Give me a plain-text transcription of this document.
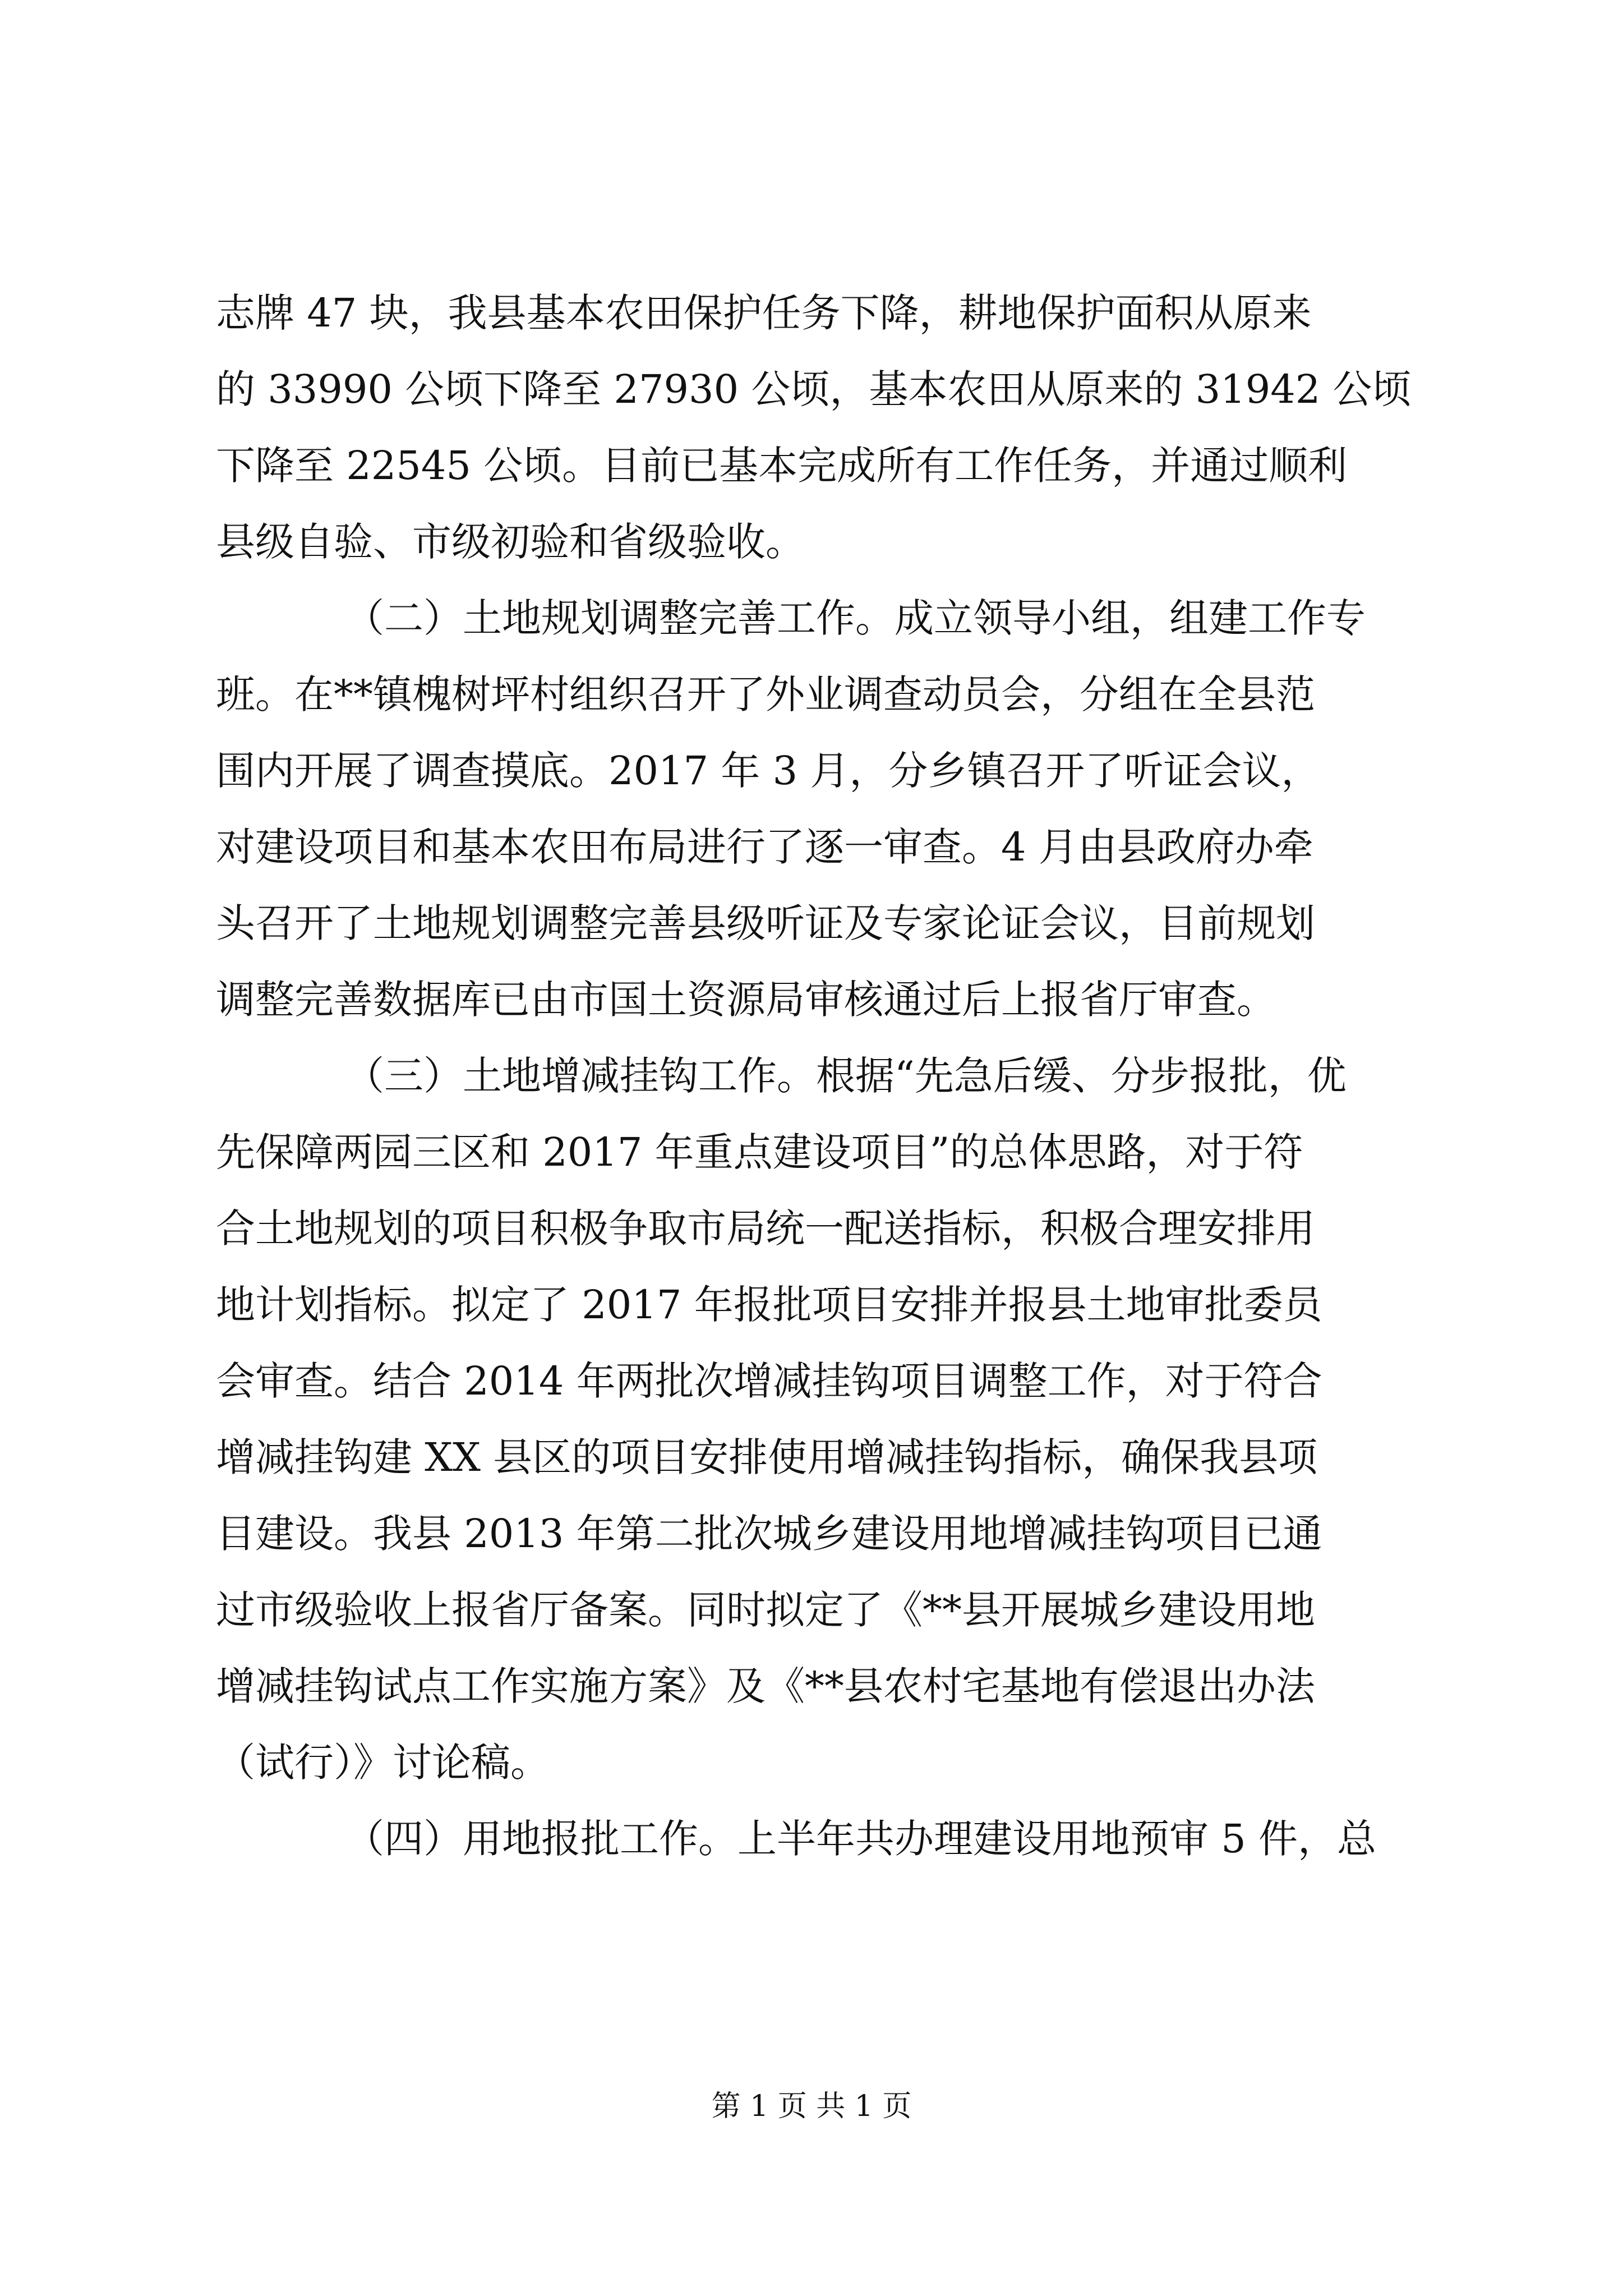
志牌 47 块，我县基本农田保护任务下降，耕地保护面积从原来
的 33990 公顷下降至 27930 公顷，基本农田从原来的 31942 公顷
下降至 22545 公顷。目前已基本完成所有工作任务，并通过顺利
县级自验、市级初验和省级验收。
（二）土地规划调整完善工作。成立领导小组，组建工作专
班。在**镇槐树坪村组织召开了外业调查动员会，分组在全县范
围内开展了调查摸底。2017 年 3 月，分乡镇召开了听证会议，
对建设项目和基本农田布局进行了逐一审查。4 月由县政府办牵
头召开了土地规划调整完善县级听证及专家论证会议，目前规划
调整完善数据库已由市国土资源局审核通过后上报省厅审查。
（三）土地增减挂钩工作。根据“先急后缓、分步报批，优
先保障两园三区和 2017 年重点建设项目”的总体思路，对于符
合土地规划的项目积极争取市局统一配送指标，积极合理安排用
地计划指标。拟定了 2017 年报批项目安排并报县土地审批委员
会审查。结合 2014 年两批次增减挂钩项目调整工作，对于符合
增减挂钩建 XX 县区的项目安排使用增减挂钩指标，确保我县项
目建设。我县 2013 年第二批次城乡建设用地增减挂钩项目已通
过市级验收上报省厅备案。同时拟定了《**县开展城乡建设用地
增减挂钩试点工作实施方案》及《**县农村宅基地有偿退出办法
（试行）》讨论稿。
（四）用地报批工作。上半年共办理建设用地预审 5 件，总
第 1 页 共 1 页
